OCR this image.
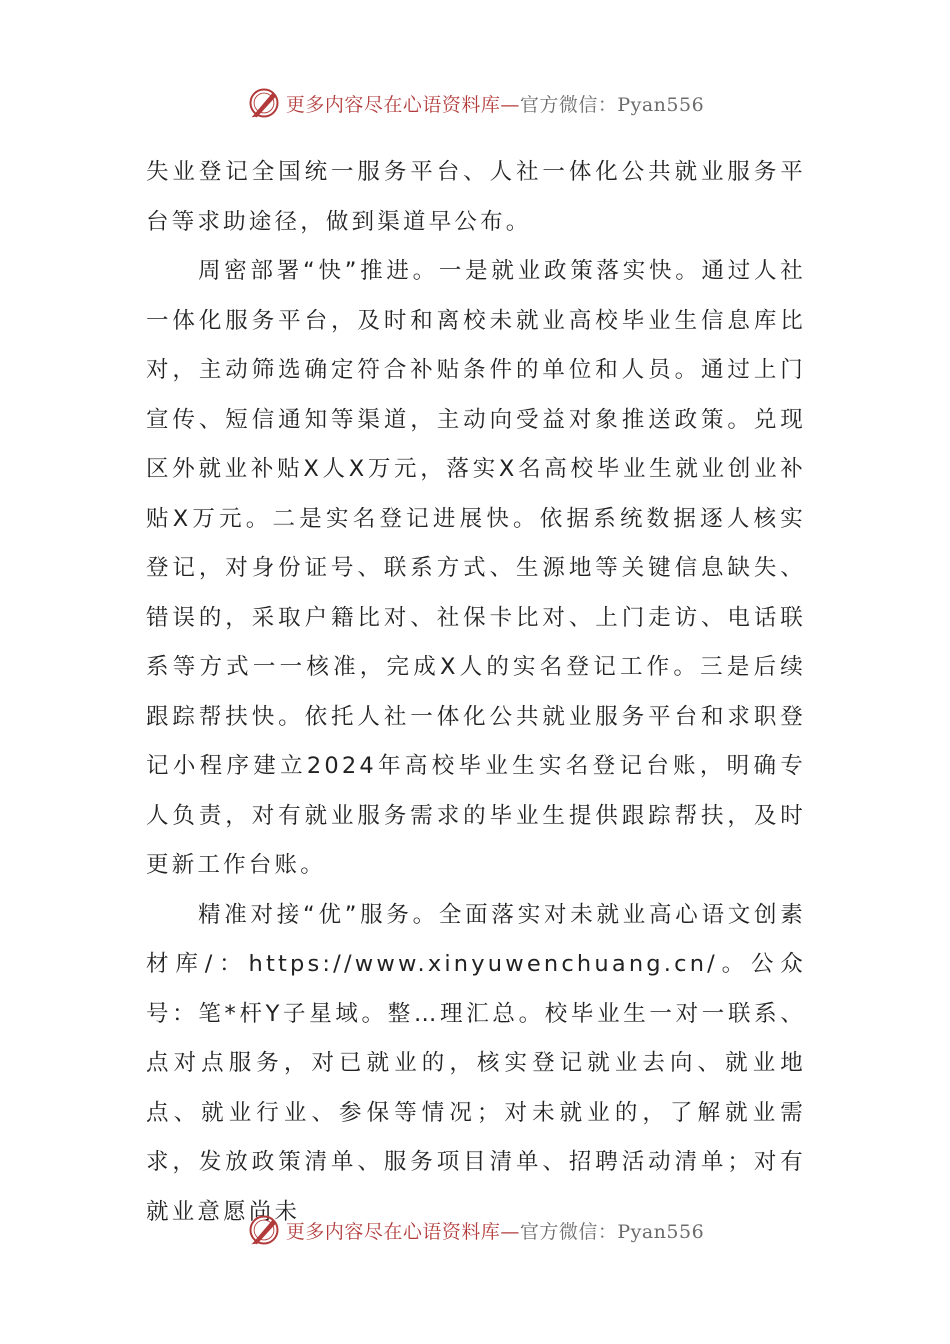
更多内容尽在心语资料库—官方微信：Pyan556

失业登记全国统一服务平台、人社一体化公共就业服务平台等求助途径，做到渠道早公布。

周密部署“快”推进。一是就业政策落实快。通过人社一体化服务平台，及时和离校未就业高校毕业生信息库比对，主动筛选确定符合补贴条件的单位和人员。通过上门宣传、短信通知等渠道，主动向受益对象推送政策。兑现区外就业补贴X人X万元，落实X名高校毕业生就业创业补贴X万元。二是实名登记进展快。依据系统数据逐人核实登记，对身份证号、联系方式、生源地等关键信息缺失、错误的，采取户籍比对、社保卡比对、上门走访、电话联系等方式一一核准，完成X人的实名登记工作。三是后续跟踪帮扶快。依托人社一体化公共就业服务平台和求职登记小程序建立2024年高校毕业生实名登记台账，明确专人负责，对有就业服务需求的毕业生提供跟踪帮扶，及时更新工作台账。

精准对接“优”服务。全面落实对未就业高心语文创素材库/：https://www.xinyuwenchuang.cn/。公众号：笔*杆Y子星域。整…理汇总。校毕业生一对一联系、点对点服务，对已就业的，核实登记就业去向、就业地点、就业行业、参保等情况；对未就业的，了解就业需求，发放政策清单、服务项目清单、招聘活动清单；对有就业意愿尚未

更多内容尽在心语资料库—官方微信：Pyan556
